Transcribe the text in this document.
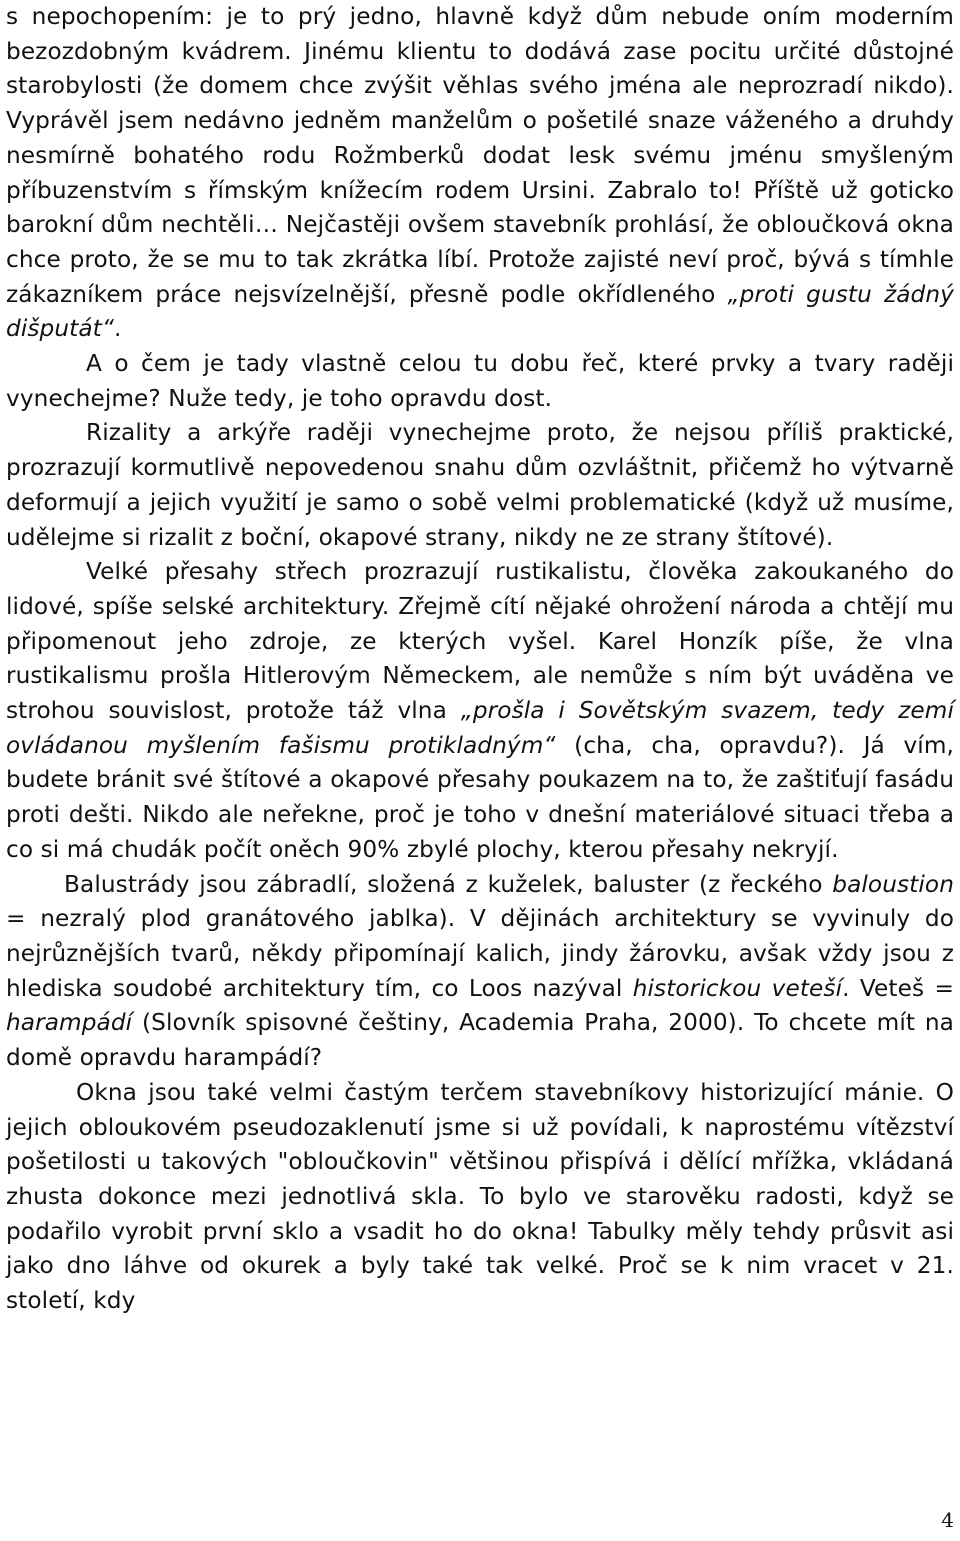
s nepochopením: je to prý jedno, hlavně když dům nebude oním moderním bezozdobným kvádrem. Jinému klientu to dodává zase pocitu určité důstojné starobylosti (že domem chce zvýšit věhlas svého jména ale neprozradí nikdo). Vyprávěl jsem nedávno jedněm manželům o pošetilé snaze váženého a druhdy nesmírně bohatého rodu Rožmberků dodat lesk svému jménu smyšleným příbuzenstvím s římským knížecím rodem Ursini. Zabralo to! Příště už goticko barokní dům nechtěli… Nejčastěji ovšem stavebník prohlásí, že obloučková okna chce proto, že se mu to tak zkrátka líbí. Protože zajisté neví proč, bývá s tímhle zákazníkem práce nejsvízelnější, přesně podle okřídleného „proti gustu žádný dišputát“.

A o čem je tady vlastně celou tu dobu řeč, které prvky a tvary raději vynechejme? Nuže tedy, je toho opravdu dost.

Rizality a arkýře raději vynechejme proto, že nejsou příliš praktické, prozrazují kormutlivě nepovedenou snahu dům ozvláštnit, přičemž ho výtvarně deformují a jejich využití je samo o sobě velmi problematické (když už musíme, udělejme si rizalit z boční, okapové strany, nikdy ne ze strany štítové).

Velké přesahy střech prozrazují rustikalistu, člověka zakoukaného do lidové, spíše selské architektury. Zřejmě cítí nějaké ohrožení národa a chtějí mu připomenout jeho zdroje, ze kterých vyšel. Karel Honzík píše, že vlna rustikalismu prošla Hitlerovým Německem, ale nemůže s ním být uváděna ve strohou souvislost, protože táž vlna „prošla i Sovětským svazem, tedy zemí ovládanou myšlením fašismu protikladným“ (cha, cha, opravdu?). Já vím, budete bránit své štítové a okapové přesahy poukazem na to, že zaštiťují fasádu proti dešti. Nikdo ale neřekne, proč je toho v dnešní materiálové situaci třeba a co si má chudák počít oněch 90% zbylé plochy, kterou přesahy nekryjí.

Balustrády jsou zábradlí, složená z kuželek, baluster (z řeckého baloustion = nezralý plod granátového jablka). V dějinách architektury se vyvinuly do nejrůznějších tvarů, někdy připomínají kalich, jindy žárovku, avšak vždy jsou z hlediska soudobé architektury tím, co Loos nazýval historickou veteší. Veteš = harampádí (Slovník spisovné češtiny, Academia Praha, 2000). To chcete mít na domě opravdu harampádí?

Okna jsou také velmi častým terčem stavebníkovy historizující mánie. O jejich obloukovém pseudozaklenutí jsme si už povídali, k naprostému vítězství pošetilosti u takových "obloučkovin" většinou přispívá i dělící mřížka, vkládaná zhusta dokonce mezi jednotlivá skla. To bylo ve starověku radosti, když se podařilo vyrobit první sklo a vsadit ho do okna! Tabulky měly tehdy průsvit asi jako dno láhve od okurek a byly také tak velké. Proč se k nim vracet v 21. století, kdy

4
